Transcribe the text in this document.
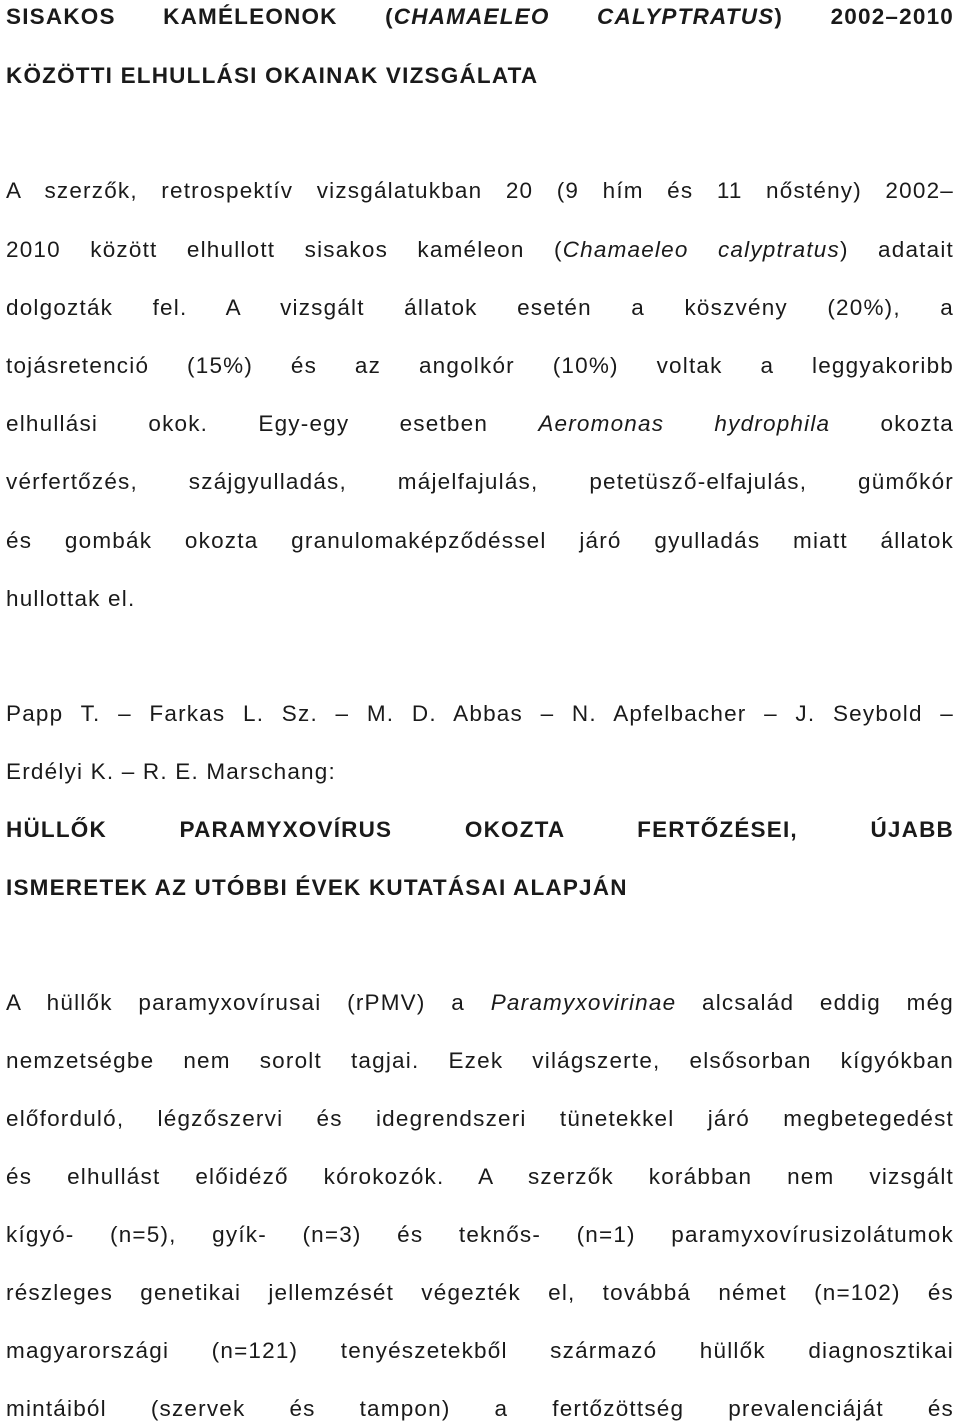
SISAKOS KAMÉLEONOK (CHAMAELEO CALYPTRATUS) 2002–2010

KÖZÖTTI ELHULLÁSI OKAINAK VIZSGÁLATA

A szerzők, retrospektív vizsgálatukban 20 (9 hím és 11 nőstény) 2002–

2010 között elhullott sisakos kaméleon (Chamaeleo calyptratus) adatait

dolgozták fel. A vizsgált állatok esetén a köszvény (20%), a

tojásretenció (15%) és az angolkór (10%) voltak a leggyakoribb

elhullási okok. Egy-egy esetben Aeromonas hydrophila okozta

vérfertőzés, szájgyulladás, májelfajulás, petetüsző-elfajulás, gümőkór

és gombák okozta granulomaképződéssel járó gyulladás miatt állatok

hullottak el.

Papp T. – Farkas L. Sz. – M. D. Abbas – N. Apfelbacher – J. Seybold –

Erdélyi K. – R. E. Marschang:

HÜLLŐK PARAMYXOVÍRUS OKOZTA FERTŐZÉSEI, ÚJABB

ISMERETEK AZ UTÓBBI ÉVEK KUTATÁSAI ALAPJÁN

A hüllők paramyxovírusai (rPMV) a Paramyxovirinae alcsalád eddig még

nemzetségbe nem sorolt tagjai. Ezek világszerte, elsősorban kígyókban

előforduló, légzőszervi és idegrendszeri tünetekkel járó megbetegedést

és elhullást előidéző kórokozók. A szerzők korábban nem vizsgált

kígyó- (n=5), gyík- (n=3) és teknős- (n=1) paramyxovírusizolátumok

részleges genetikai jellemzését végezték el, továbbá német (n=102) és

magyarországi (n=121) tenyészetekből származó hüllők diagnosztikai

mintáiból (szervek és tampon) a fertőzöttség prevalenciáját és
